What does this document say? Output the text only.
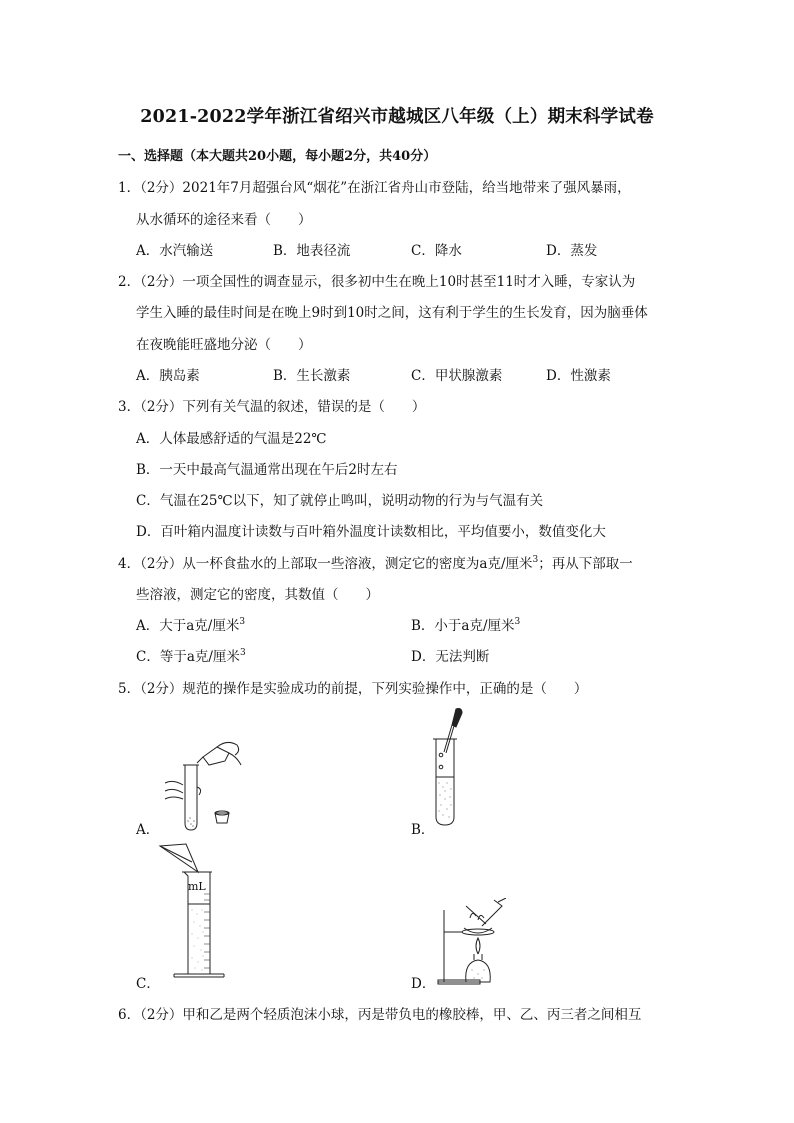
2021-2022学年浙江省绍兴市越城区八年级（上）期末科学试卷
一、选择题（本大题共20小题，每小题2分，共40分）
1．（2分）2021年7月超强台风“烟花”在浙江省舟山市登陆，给当地带来了强风暴雨，
从水循环的途径来看（　　）
A．水汽输送	B．地表径流	C．降水	D．蒸发
2．（2分）一项全国性的调查显示，很多初中生在晚上10时甚至11时才入睡，专家认为
学生入睡的最佳时间是在晚上9时到10时之间，这有利于学生的生长发育，因为脑垂体
在夜晚能旺盛地分泌（　　）
A．胰岛素	B．生长激素	C．甲状腺激素	D．性激素
3．（2分）下列有关气温的叙述，错误的是（　　）
A．人体最感舒适的气温是22℃
B．一天中最高气温通常出现在午后2时左右
C．气温在25℃以下，知了就停止鸣叫，说明动物的行为与气温有关
D．百叶箱内温度计读数与百叶箱外温度计读数相比，平均值要小，数值变化大
4．（2分）从一杯食盐水的上部取一些溶液，测定它的密度为a克/厘米$^3$；再从下部取一
些溶液，测定它的密度，其数值（　　）
A．大于a克/厘米$^3$	B．小于a克/厘米$^3$
C．等于a克/厘米$^3$	D．无法判断
5．（2分）规范的操作是实验成功的前提，下列实验操作中，正确的是（　　）
A．	B．
mL
C．	D．
6．（2分）甲和乙是两个轻质泡沫小球，丙是带负电的橡胶棒，甲、乙、丙三者之间相互
